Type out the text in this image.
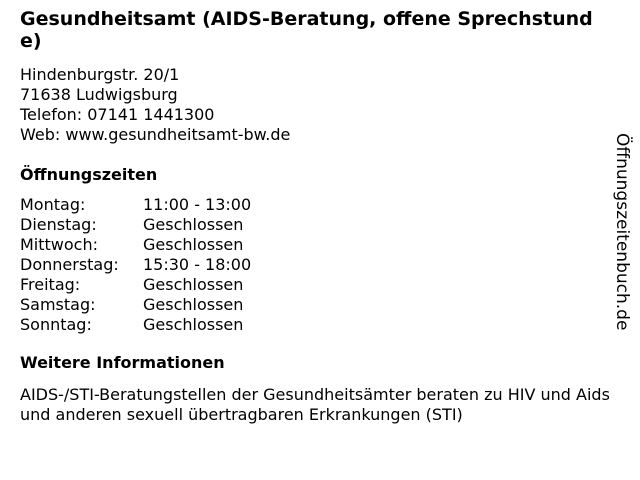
Gesundheitsamt (AIDS-Beratung, offene Sprechstunde)
Hindenburgstr. 20/1
71638 Ludwigsburg
Telefon: 07141 1441300
Web: www.gesundheitsamt-bw.de
Öffnungszeiten
Montag:	11:00 - 13:00
Dienstag:	Geschlossen
Mittwoch:	Geschlossen
Donnerstag:	15:30 - 18:00
Freitag:	Geschlossen
Samstag:	Geschlossen
Sonntag:	Geschlossen
Weitere Informationen
AIDS-/STI-Beratungstellen der Gesundheitsämter beraten zu HIV und Aids und anderen sexuell übertragbaren Erkrankungen (STI)
Öffnungszeitenbuch.de
